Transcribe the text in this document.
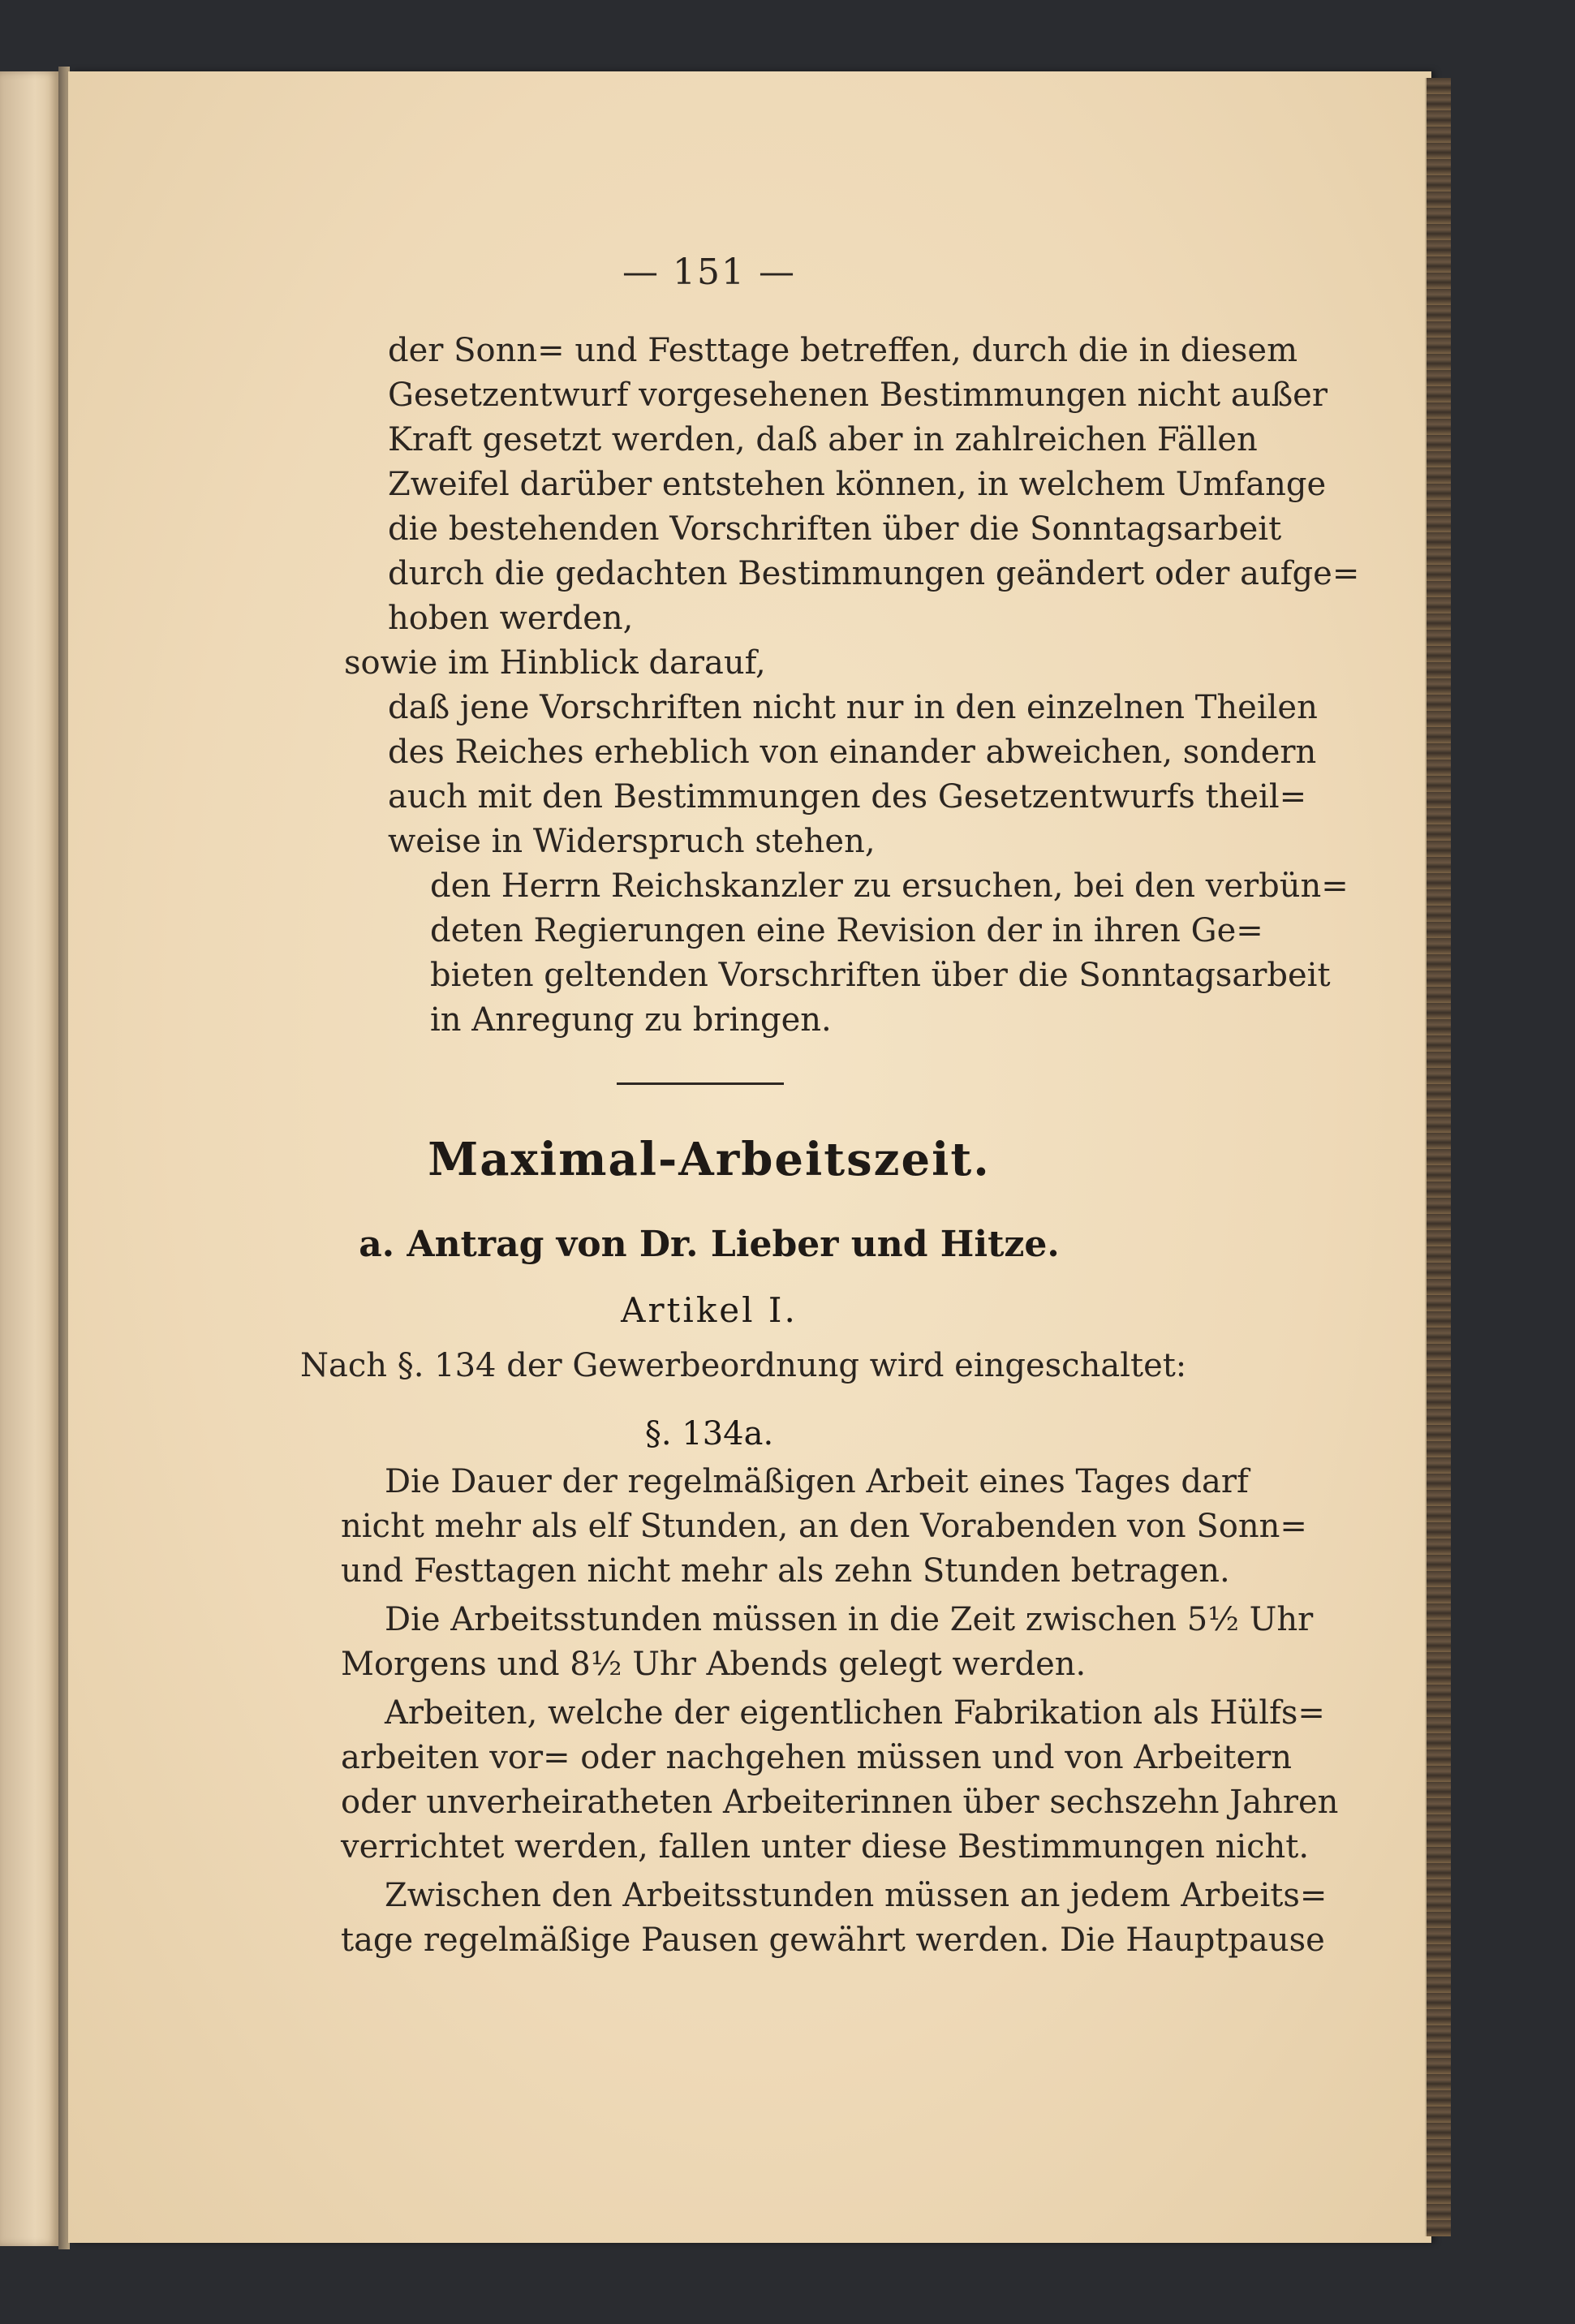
— 151 —
der Sonn= und Festtage betreffen, durch die in diesem
Gesetzentwurf vorgesehenen Bestimmungen nicht außer
Kraft gesetzt werden, daß aber in zahlreichen Fällen
Zweifel darüber entstehen können, in welchem Umfange
die bestehenden Vorschriften über die Sonntagsarbeit
durch die gedachten Bestimmungen geändert oder aufge=
hoben werden,
sowie im Hinblick darauf,
daß jene Vorschriften nicht nur in den einzelnen Theilen
des Reiches erheblich von einander abweichen, sondern
auch mit den Bestimmungen des Gesetzentwurfs theil=
weise in Widerspruch stehen,
den Herrn Reichskanzler zu ersuchen, bei den verbün=
deten Regierungen eine Revision der in ihren Ge=
bieten geltenden Vorschriften über die Sonntagsarbeit
in Anregung zu bringen.
Maximal-Arbeitszeit.
a. Antrag von Dr. Lieber und Hitze.
Artikel I.
Nach §. 134 der Gewerbeordnung wird eingeschaltet:
§. 134a.
Die Dauer der regelmäßigen Arbeit eines Tages darf
nicht mehr als elf Stunden, an den Vorabenden von Sonn=
und Festtagen nicht mehr als zehn Stunden betragen.
Die Arbeitsstunden müssen in die Zeit zwischen 5½ Uhr
Morgens und 8½ Uhr Abends gelegt werden.
Arbeiten, welche der eigentlichen Fabrikation als Hülfs=
arbeiten vor= oder nachgehen müssen und von Arbeitern
oder unverheiratheten Arbeiterinnen über sechszehn Jahren
verrichtet werden, fallen unter diese Bestimmungen nicht.
Zwischen den Arbeitsstunden müssen an jedem Arbeits=
tage regelmäßige Pausen gewährt werden. Die Hauptpause
